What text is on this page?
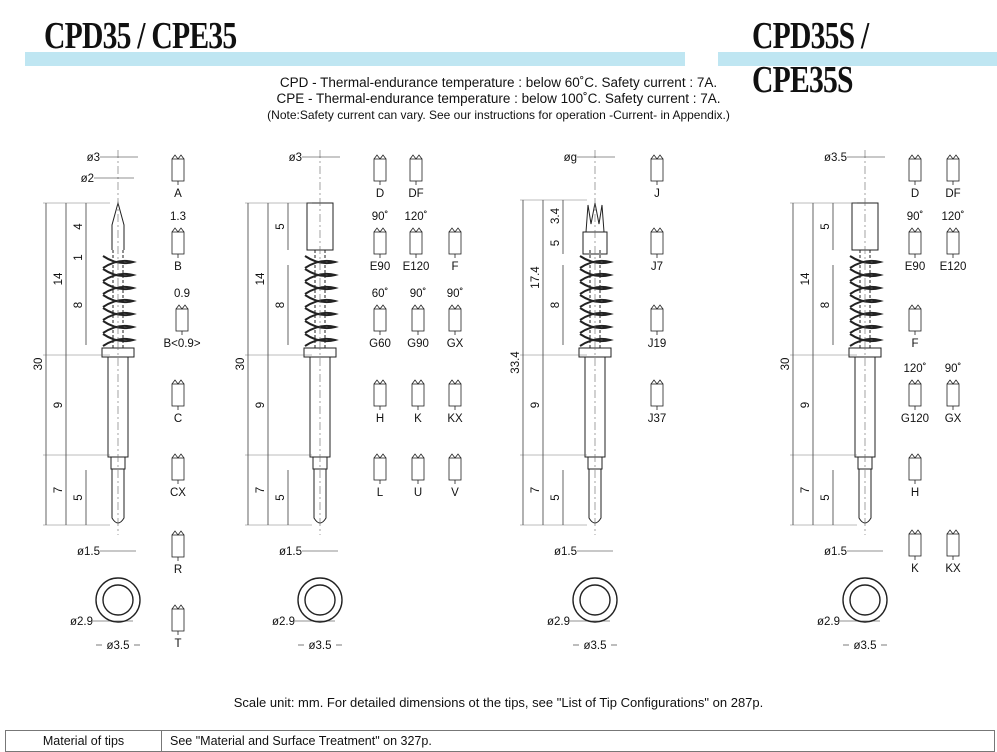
CPD35 / CPE35	CPD35S / CPE35S
CPD - Thermal-endurance temperature : below 60˚C. Safety current : 7A.
CPE - Thermal-endurance temperature : below 100˚C. Safety current : 7A.
(Note:Safety current can vary. See our instructions for operation -Current- in Appendix.)
30
14
9
7
4
1
8
5
ø3
ø2
ø1.5
ø2.9
ø3.5
A
B
1.3
B<0.9>
0.9
C
CX
R
T
30
14
9
7
5
8
5
ø3
ø1.5
ø2.9
ø3.5
D DF
E90
90˚
E120
120˚
F
G60
60˚
G90
90˚
GX
90˚
H	K KX
L	U	V
33.4
17.4
9
7
3.4
5
8
5
øg
ø1.5
ø2.9
ø3.5
J
J7
J19
J37
30
14
9
7
5
8
5
ø3.5
ø1.5
ø2.9
ø3.5
D DF
E90
90˚
E120
120˚
F
G120
120˚
GX
90˚
H
K KX
Scale unit: mm. For detailed dimensions ot the tips, see "List of Tip Configurations" on 287p.
Material of tips	See "Material and Surface Treatment" on 327p.
